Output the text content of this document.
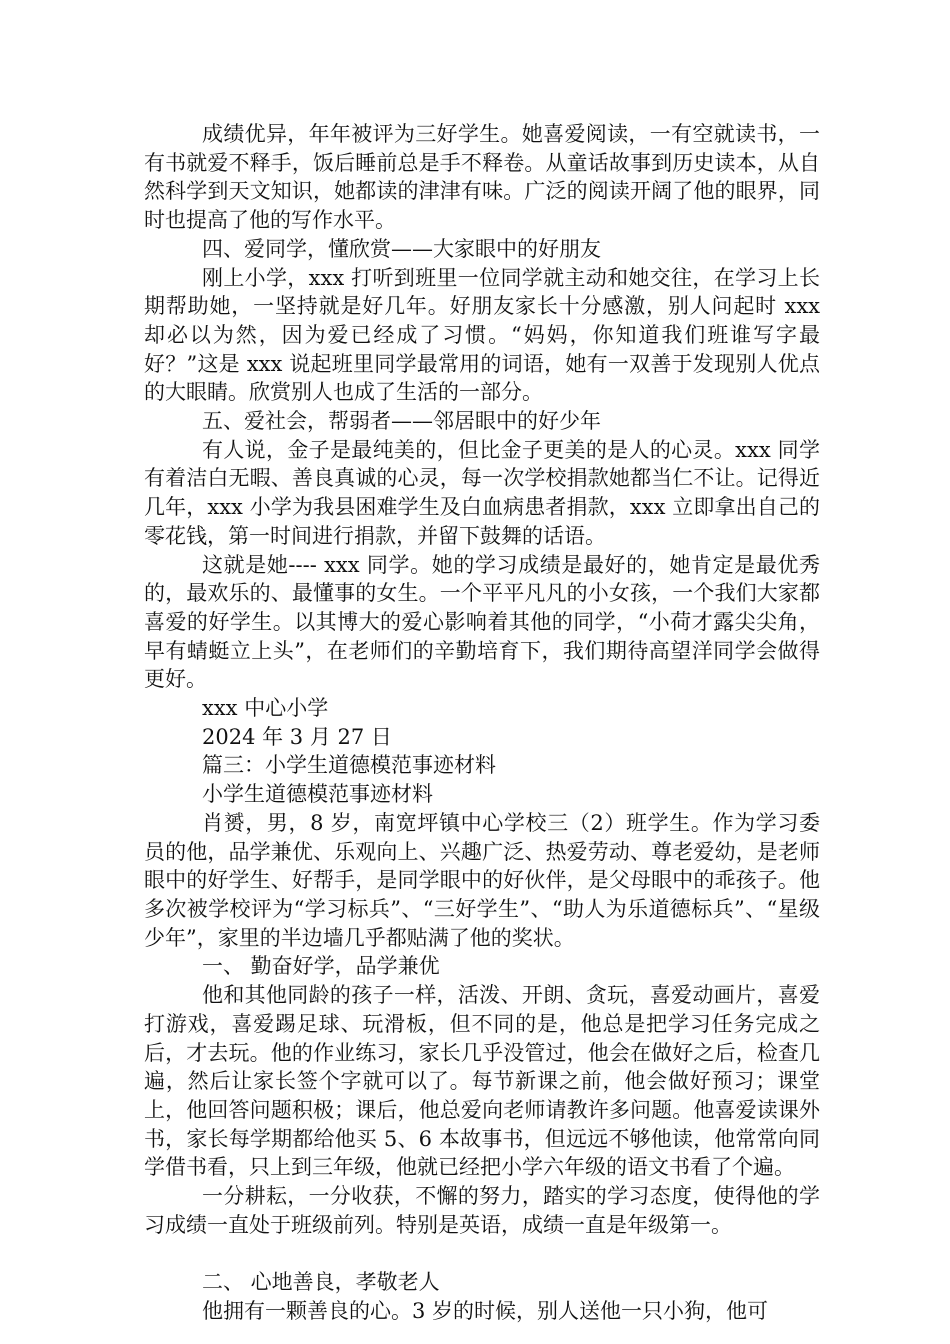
成绩优异，年年被评为三好学生。她喜爱阅读，一有空就读书，一有书就爱不释手，饭后睡前总是手不释卷。从童话故事到历史读本，从自然科学到天文知识，她都读的津津有味。广泛的阅读开阔了他的眼界，同时也提高了他的写作水平。

四、爱同学，懂欣赏——大家眼中的好朋友

刚上小学，xxx 打听到班里一位同学就主动和她交往，在学习上长期帮助她，一坚持就是好几年。好朋友家长十分感激，别人问起时 xxx 却必以为然，因为爱已经成了习惯。“妈妈，你知道我们班谁写字最好？”这是 xxx 说起班里同学最常用的词语，她有一双善于发现别人优点的大眼睛。欣赏别人也成了生活的一部分。

五、爱社会，帮弱者——邻居眼中的好少年

有人说，金子是最纯美的，但比金子更美的是人的心灵。xxx 同学有着洁白无暇、善良真诚的心灵，每一次学校捐款她都当仁不让。记得近几年，xxx 小学为我县困难学生及白血病患者捐款，xxx 立即拿出自己的零花钱，第一时间进行捐款，并留下鼓舞的话语。

这就是她---- xxx 同学。她的学习成绩是最好的，她肯定是最优秀的，最欢乐的、最懂事的女生。一个平平凡凡的小女孩，一个我们大家都喜爱的好学生。以其博大的爱心影响着其他的同学，“小荷才露尖尖角，早有蜻蜓立上头”，在老师们的辛勤培育下，我们期待高望洋同学会做得更好。

xxx 中心小学

2024 年 3 月 27 日

篇三：小学生道德模范事迹材料

小学生道德模范事迹材料

肖赟，男，8 岁，南宽坪镇中心学校三（2）班学生。作为学习委员的他，品学兼优、乐观向上、兴趣广泛、热爱劳动、尊老爱幼，是老师眼中的好学生、好帮手，是同学眼中的好伙伴，是父母眼中的乖孩子。他多次被学校评为“学习标兵”、“三好学生”、“助人为乐道德标兵”、“星级少年”，家里的半边墙几乎都贴满了他的奖状。

一、 勤奋好学，品学兼优

他和其他同龄的孩子一样，活泼、开朗、贪玩，喜爱动画片，喜爱打游戏，喜爱踢足球、玩滑板，但不同的是，他总是把学习任务完成之后，才去玩。他的作业练习，家长几乎没管过，他会在做好之后，检查几遍，然后让家长签个字就可以了。每节新课之前，他会做好预习；课堂上，他回答问题积极；课后，他总爱向老师请教许多问题。他喜爱读课外书，家长每学期都给他买 5、6 本故事书，但远远不够他读，他常常向同学借书看，只上到三年级，他就已经把小学六年级的语文书看了个遍。

一分耕耘，一分收获，不懈的努力，踏实的学习态度，使得他的学习成绩一直处于班级前列。特别是英语，成绩一直是年级第一。

二、 心地善良，孝敬老人

他拥有一颗善良的心。3 岁的时候，别人送他一只小狗，他可
